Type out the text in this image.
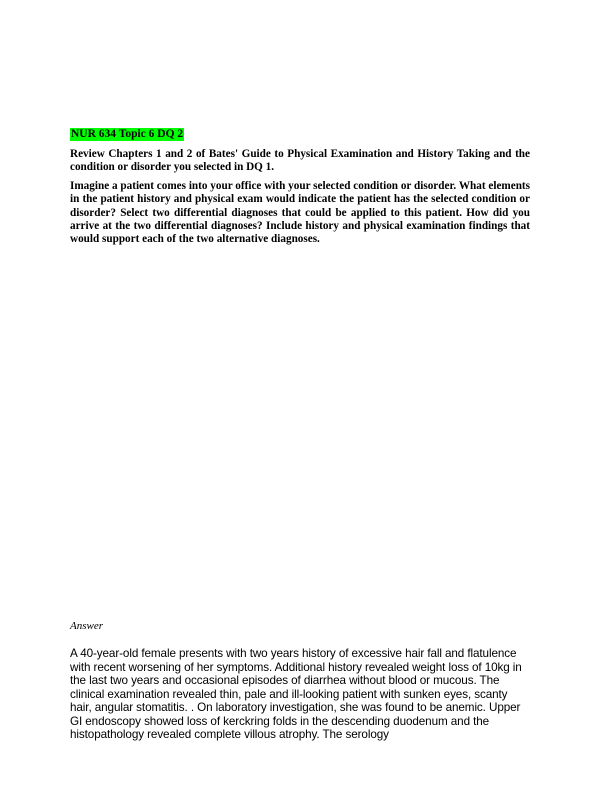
NUR 634 Topic 6 DQ 2

Review Chapters 1 and 2 of Bates' Guide to Physical Examination and History Taking and the condition or disorder you selected in DQ 1.

Imagine a patient comes into your office with your selected condition or disorder. What elements in the patient history and physical exam would indicate the patient has the selected condition or disorder? Select two differential diagnoses that could be applied to this patient. How did you arrive at the two differential diagnoses? Include history and physical examination findings that would support each of the two alternative diagnoses.

Answer

A 40-year-old female presents with two years history of excessive hair fall and flatulence with recent worsening of her symptoms. Additional history revealed weight loss of 10kg in the last two years and occasional episodes of diarrhea without blood or mucous. The clinical examination revealed thin, pale and ill-looking patient with sunken eyes, scanty hair, angular stomatitis. . On laboratory investigation, she was found to be anemic. Upper GI endoscopy showed loss of kerckring folds in the descending duodenum and the histopathology revealed complete villous atrophy. The serology
